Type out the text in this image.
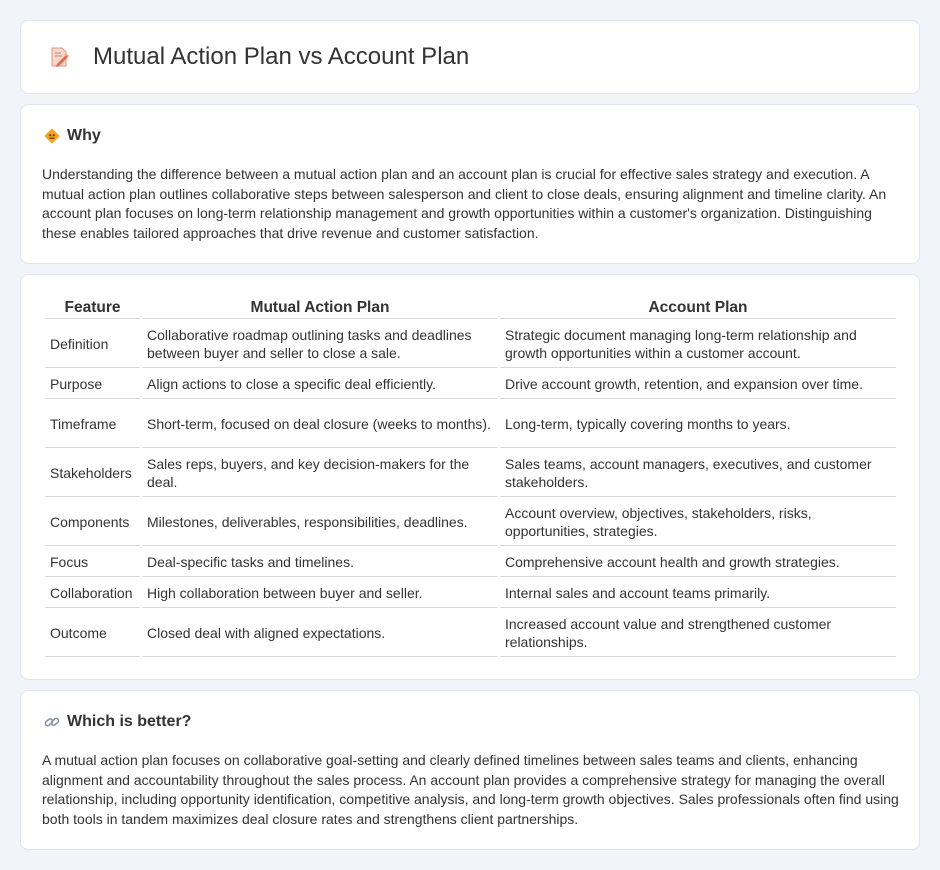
Mutual Action Plan vs Account Plan
Why

Understanding the difference between a mutual action plan and an account plan is crucial for effective sales strategy and execution. A mutual action plan outlines collaborative steps between salesperson and client to close deals, ensuring alignment and timeline clarity. An account plan focuses on long-term relationship management and growth opportunities within a customer's organization. Distinguishing these enables tailored approaches that drive revenue and customer satisfaction.

Feature	Mutual Action Plan	Account Plan
Definition	Collaborative roadmap outlining tasks and deadlines between buyer and seller to close a sale.	Strategic document managing long-term relationship and growth opportunities within a customer account.
Purpose	Align actions to close a specific deal efficiently.	Drive account growth, retention, and expansion over time.
Timeframe	Short-term, focused on deal closure (weeks to months).	Long-term, typically covering months to years.
Stakeholders	Sales reps, buyers, and key decision-makers for the deal.	Sales teams, account managers, executives, and customer stakeholders.
Components	Milestones, deliverables, responsibilities, deadlines.	Account overview, objectives, stakeholders, risks, opportunities, strategies.
Focus	Deal-specific tasks and timelines.	Comprehensive account health and growth strategies.
Collaboration	High collaboration between buyer and seller.	Internal sales and account teams primarily.
Outcome	Closed deal with aligned expectations.	Increased account value and strengthened customer relationships.
Which is better?

A mutual action plan focuses on collaborative goal-setting and clearly defined timelines between sales teams and clients, enhancing alignment and accountability throughout the sales process. An account plan provides a comprehensive strategy for managing the overall relationship, including opportunity identification, competitive analysis, and long-term growth objectives. Sales professionals often find using both tools in tandem maximizes deal closure rates and strengthens client partnerships.
